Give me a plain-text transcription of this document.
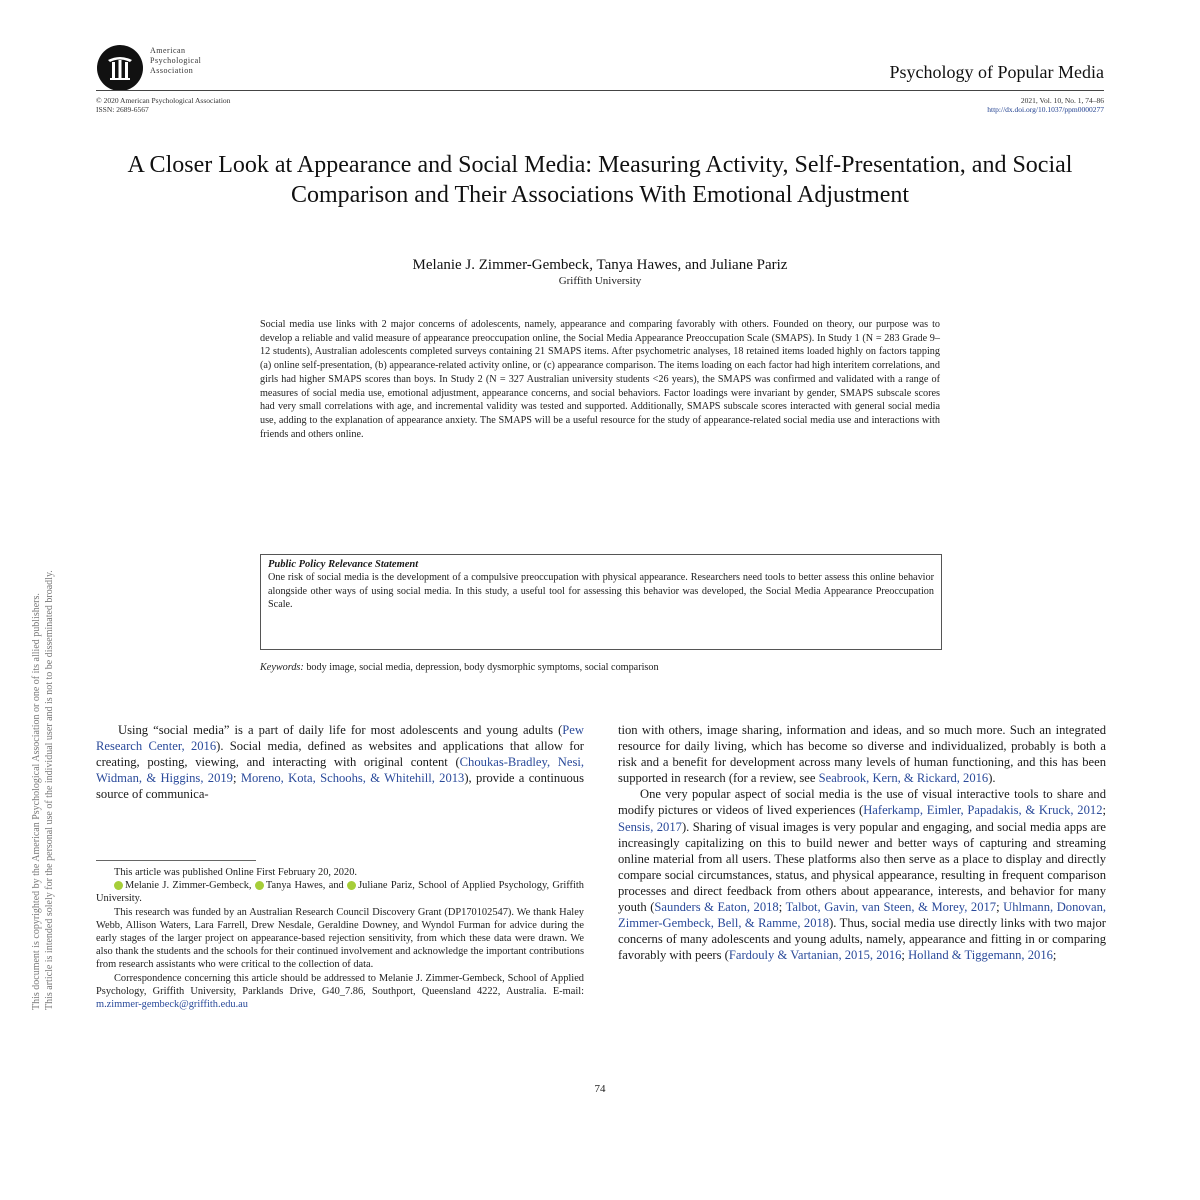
American
Psychological
Association	Psychology of Popular Media
© 2020 American Psychological Association
ISSN: 2689-6567
2021, Vol. 10, No. 1, 74–86
http://dx.doi.org/10.1037/ppm0000277
A Closer Look at Appearance and Social Media: Measuring Activity, Self-Presentation, and Social Comparison and Their Associations With Emotional Adjustment
Melanie J. Zimmer-Gembeck, Tanya Hawes, and Juliane Pariz
Griffith University
Social media use links with 2 major concerns of adolescents, namely, appearance and comparing favorably with others. Founded on theory, our purpose was to develop a reliable and valid measure of appearance preoccupation online, the Social Media Appearance Preoccupation Scale (SMAPS). In Study 1 (N = 283 Grade 9–12 students), Australian adolescents completed surveys containing 21 SMAPS items. After psychometric analyses, 18 retained items loaded highly on factors tapping (a) online self-presentation, (b) appearance-related activity online, or (c) appearance comparison. The items loading on each factor had high interitem correlations, and girls had higher SMAPS scores than boys. In Study 2 (N = 327 Australian university students <26 years), the SMAPS was confirmed and validated with a range of measures of social media use, emotional adjustment, appearance concerns, and social behaviors. Factor loadings were invariant by gender, SMAPS subscale scores had very small correlations with age, and incremental validity was tested and supported. Additionally, SMAPS subscale scores interacted with general social media use, adding to the explanation of appearance anxiety. The SMAPS will be a useful resource for the study of appearance-related social media use and interactions with friends and others online.
Public Policy Relevance Statement
One risk of social media is the development of a compulsive preoccupation with physical appearance. Researchers need tools to better assess this online behavior alongside other ways of using social media. In this study, a useful tool for assessing this behavior was developed, the Social Media Appearance Preoccupation Scale.
Keywords: body image, social media, depression, body dysmorphic symptoms, social comparison
This document is copyrighted by the American Psychological Association or one of its allied publishers. This article is intended solely for the personal use of the individual user and is not to be disseminated broadly.	Using “social media” is a part of daily life for most adolescents and young adults (Pew Research Center, 2016). Social media, defined as websites and applications that allow for creating, posting, viewing, and interacting with original content (Choukas-Bradley, Nesi, Widman, & Higgins, 2019; Moreno, Kota, Schoohs, & Whitehill, 2013), provide a continuous source of communica-

This article was published Online First February 20, 2020.

Melanie J. Zimmer-Gembeck, Tanya Hawes, and Juliane Pariz, School of Applied Psychology, Griffith University.

This research was funded by an Australian Research Council Discovery Grant (DP170102547). We thank Haley Webb, Allison Waters, Lara Farrell, Drew Nesdale, Geraldine Downey, and Wyndol Furman for advice during the early stages of the larger project on appearance-based rejection sensitivity, from which these data were drawn. We also thank the students and the schools for their continued involvement and acknowledge the important contributions from research assistants who were critical to the collection of data.

Correspondence concerning this article should be addressed to Melanie J. Zimmer-Gembeck, School of Applied Psychology, Griffith University, Parklands Drive, G40_7.86, Southport, Queensland 4222, Australia. E-mail: m.zimmer-gembeck@griffith.edu.au

tion with others, image sharing, information and ideas, and so much more. Such an integrated resource for daily living, which has become so diverse and individualized, probably is both a risk and a benefit for development across many levels of human functioning, and this has been supported in research (for a review, see Seabrook, Kern, & Rickard, 2016).

One very popular aspect of social media is the use of visual interactive tools to share and modify pictures or videos of lived experiences (Haferkamp, Eimler, Papadakis, & Kruck, 2012; Sensis, 2017). Sharing of visual images is very popular and engaging, and social media apps are increasingly capitalizing on this to build newer and better ways of capturing and streaming online material from all users. These platforms also then serve as a place to display and directly compare social circumstances, status, and physical appearance, resulting in frequent comparison processes and direct feedback from others about appearance, interests, and behavior for many youth (Saunders & Eaton, 2018; Talbot, Gavin, van Steen, & Morey, 2017; Uhlmann, Donovan, Zimmer-Gembeck, Bell, & Ramme, 2018). Thus, social media use directly links with two major concerns of many adolescents and young adults, namely, appearance and fitting in or comparing favorably with peers (Fardouly & Vartanian, 2015, 2016; Holland & Tiggemann, 2016;

74
